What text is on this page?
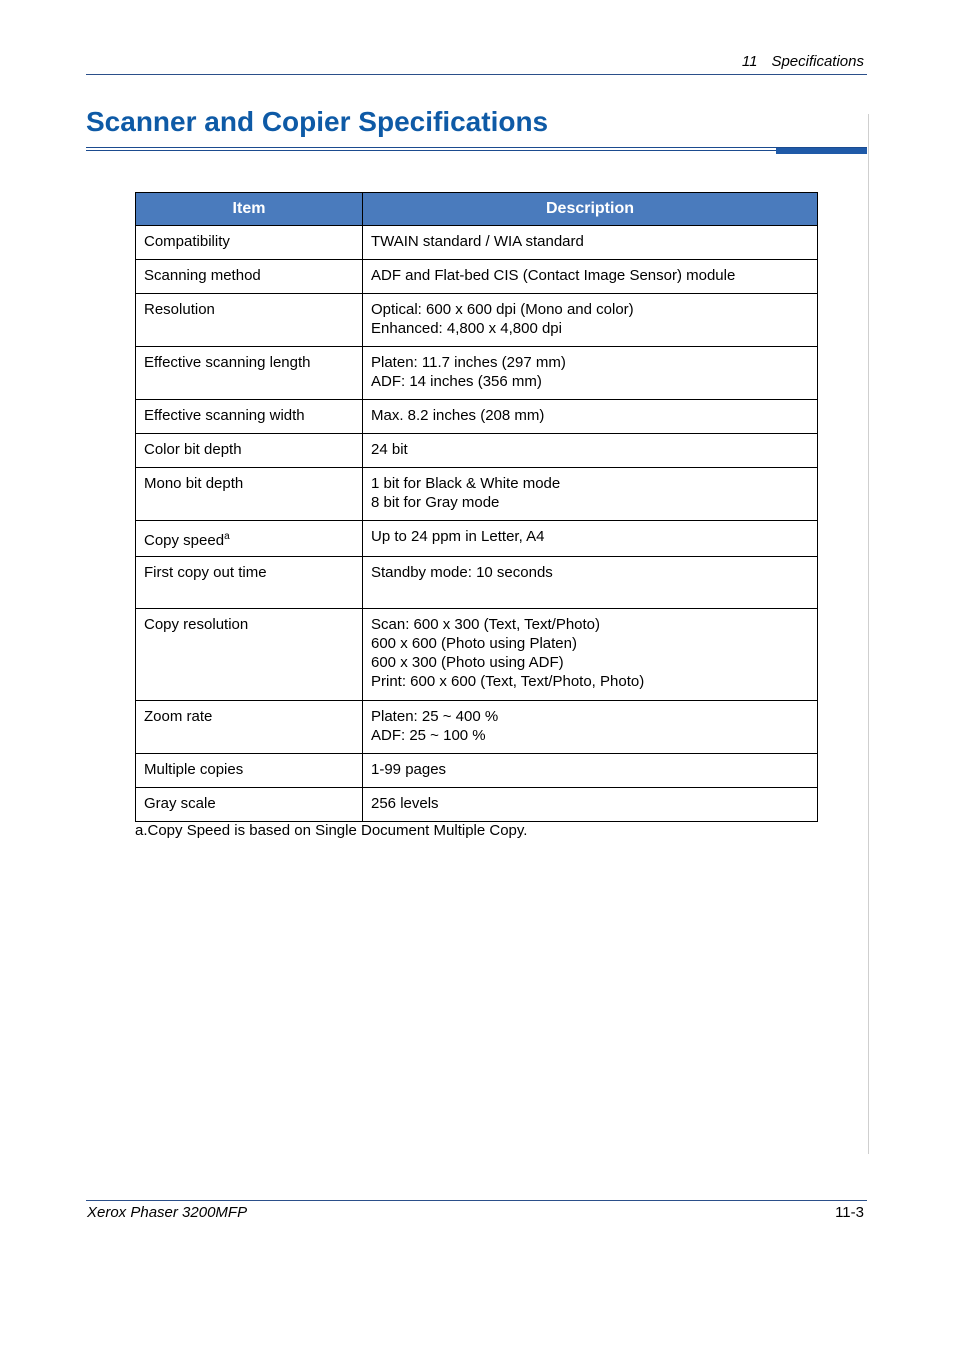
11 Specifications
Scanner and Copier Specifications
Item	Description
Compatibility	TWAIN standard / WIA standard
Scanning method	ADF and Flat-bed CIS (Contact Image Sensor) module
Resolution	Optical: 600 x 600 dpi (Mono and color)
Enhanced: 4,800 x 4,800 dpi
Effective scanning length	Platen: 11.7 inches (297 mm)
ADF: 14 inches (356 mm)
Effective scanning width	Max. 8.2 inches (208 mm)
Color bit depth	24 bit
Mono bit depth	1 bit for Black & White mode
8 bit for Gray mode
Copy speed$^a$	Up to 24 ppm in Letter, A4
First copy out time	Standby mode: 10 seconds
Copy resolution	Scan: 600 x 300 (Text, Text/Photo)
600 x 600 (Photo using Platen)
600 x 300 (Photo using ADF)
Print: 600 x 600 (Text, Text/Photo, Photo)
Zoom rate	Platen: 25 ~ 400 %
ADF: 25 ~ 100 %
Multiple copies	1-99 pages
Gray scale	256 levels
a.Copy Speed is based on Single Document Multiple Copy.
Xerox Phaser 3200MFP	11-3
